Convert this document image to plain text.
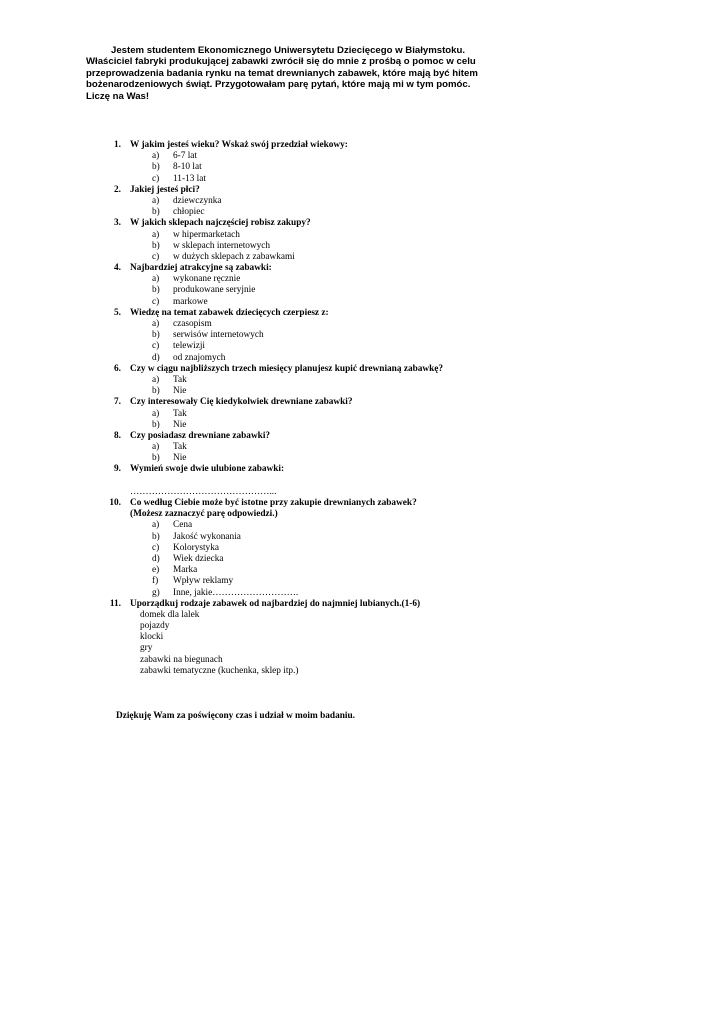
Jestem studentem Ekonomicznego Uniwersytetu Dziecięcego w Białymstoku.
Właściciel fabryki produkującej zabawki zwrócił się do mnie z prośbą o pomoc w celu
przeprowadzenia badania rynku na temat drewnianych zabawek, które mają być hitem
bożenarodzeniowych świąt. Przygotowałam parę pytań, które mają mi w tym pomóc.
Liczę na Was!
1. W jakim jesteś wieku? Wskaż swój przedział wiekowy:
a) 6-7 lat
b) 8-10 lat
c) 11-13 lat
2. Jakiej jesteś płci?
a) dziewczynka
b) chłopiec
3. W jakich sklepach najczęściej robisz zakupy?
a) w hipermarketach
b) w sklepach internetowych
c) w dużych sklepach z zabawkami
4. Najbardziej atrakcyjne są zabawki:
a) wykonane ręcznie
b) produkowane seryjnie
c) markowe
5. Wiedzę na temat zabawek dziecięcych czerpiesz z:
a) czasopism
b) serwisów internetowych
c) telewizji
d) od znajomych
6. Czy w ciągu najbliższych trzech miesięcy planujesz kupić drewnianą zabawkę?
a) Tak
b) Nie
7. Czy interesowały Cię kiedykolwiek drewniane zabawki?
a) Tak
b) Nie
8. Czy posiadasz drewniane zabawki?
a) Tak
b) Nie
9. Wymień swoje dwie ulubione zabawki:
………………………………………...
10. Co według Ciebie może być istotne przy zakupie drewnianych zabawek?
(Możesz zaznaczyć parę odpowiedzi.)
a) Cena
b) Jakość wykonania
c) Kolorystyka
d) Wiek dziecka
e) Marka
f) Wpływ reklamy
g) Inne, jakie……………………….
11. Uporządkuj rodzaje zabawek od najbardziej do najmniej lubianych.(1-6)
domek dla lalek
pojazdy
klocki
gry
zabawki na biegunach
zabawki tematyczne (kuchenka, sklep itp.)
Dziękuję Wam za poświęcony czas i udział w moim badaniu.
